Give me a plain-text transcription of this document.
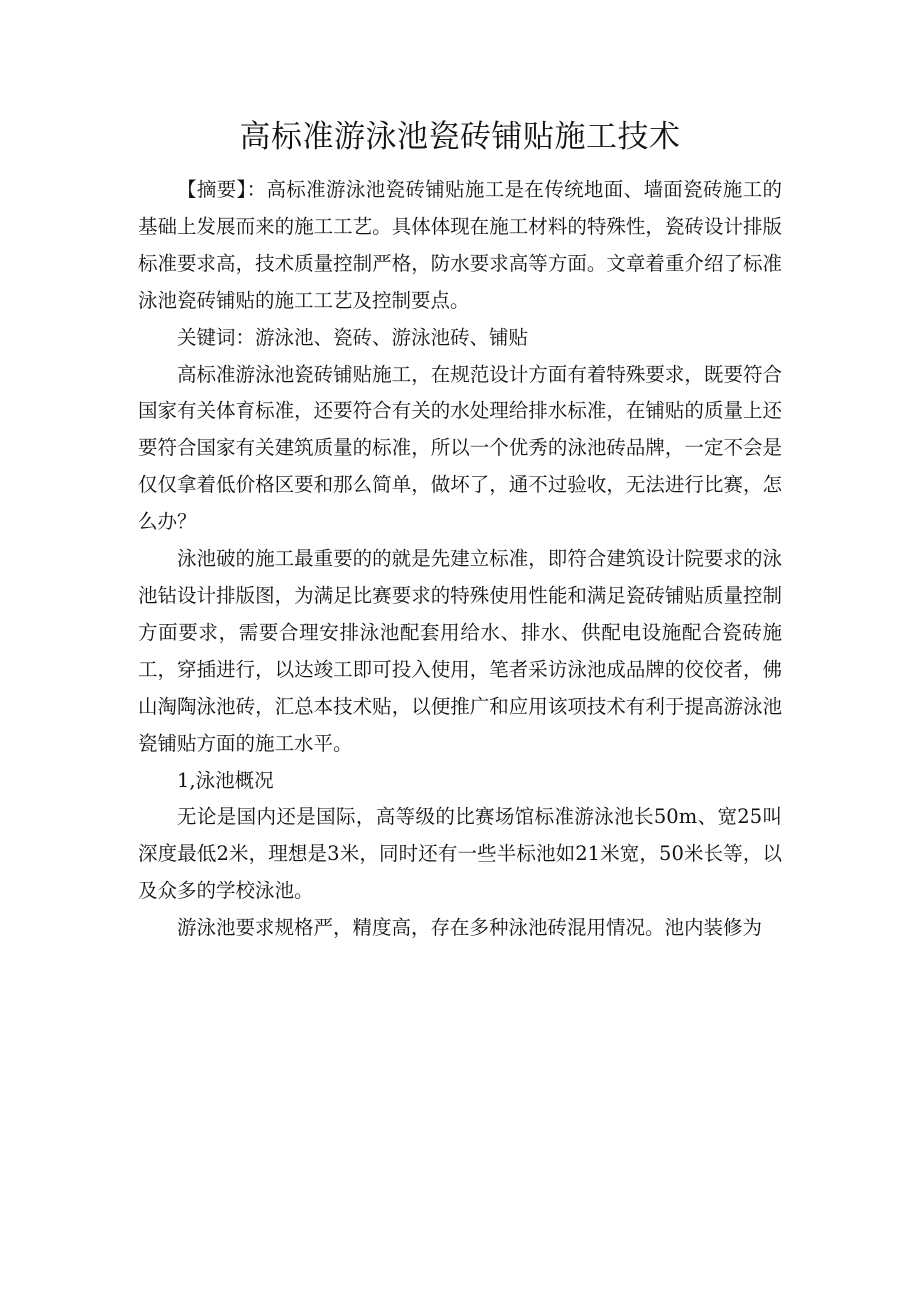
高标准游泳池瓷砖铺贴施工技术

【摘要】：高标准游泳池瓷砖铺贴施工是在传统地面、墙面瓷砖施工的基础上发展而来的施工工艺。具体体现在施工材料的特殊性，瓷砖设计排版标准要求高，技术质量控制严格，防水要求高等方面。文章着重介绍了标准泳池瓷砖铺贴的施工工艺及控制要点。

关键词：游泳池、瓷砖、游泳池砖、铺贴

高标准游泳池瓷砖铺贴施工，在规范设计方面有着特殊要求，既要符合国家有关体育标准，还要符合有关的水处理给排水标准，在铺贴的质量上还要符合国家有关建筑质量的标准，所以一个优秀的泳池砖品牌，一定不会是仅仅拿着低价格区要和那么简单，做坏了，通不过验收，无法进行比赛，怎么办？

泳池破的施工最重要的的就是先建立标准，即符合建筑设计院要求的泳池钻设计排版图，为满足比赛要求的特殊使用性能和满足瓷砖铺贴质量控制方面要求，需要合理安排泳池配套用给水、排水、供配电设施配合瓷砖施工，穿插进行，以达竣工即可投入使用，笔者采访泳池成品牌的佼佼者，佛山淘陶泳池砖，汇总本技术贴，以便推广和应用该项技术有利于提高游泳池瓷铺贴方面的施工水平。

1,泳池概况

无论是国内还是国际，高等级的比赛场馆标准游泳池长50m、宽25叫深度最低2米，理想是3米，同时还有一些半标池如21米宽，50米长等，以及众多的学校泳池。

游泳池要求规格严，精度高，存在多种泳池砖混用情况。池内装修为
